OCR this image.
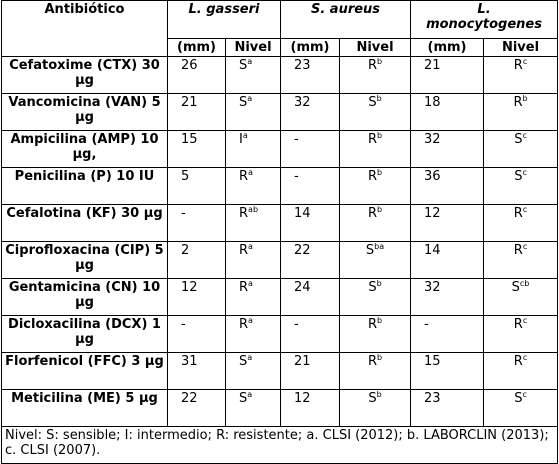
Antibiótico	L. gasseri		S. aureus		L.
monocytogenes	
	(mm)	Nivel	(mm)	Nivel	(mm)	Nivel
Cefatoxime (CTX) 30 µg	26	$S^a$	23	$R^b$	21	$R^c$
Vancomicina (VAN) 5 µg	21	$S^a$	32	$S^b$	18	$R^b$
Ampicilina (AMP) 10 µg,	15	$I^a$	-	$R^b$	32	$S^c$
Penicilina (P) 10 IU	5	$R^a$	-	$R^b$	36	$S^c$
Cefalotina (KF) 30 µg	-	$R^{ab}$	14	$R^b$	12	$R^c$
Ciprofloxacina (CIP) 5 µg	2	$R^a$	22	$S^{ba}$	14	$R^c$
Gentamicina (CN) 10 µg	12	$R^a$	24	$S^b$	32	$S^{cb}$
Dicloxacilina (DCX) 1 µg	-	$R^a$	-	$R^b$	-	$R^c$
Florfenicol (FFC) 3 µg	31	$S^a$	21	$R^b$	15	$R^c$
Meticilina (ME) 5 µg	22	$S^a$	12	$S^b$	23	$S^c$
Nivel: S: sensible; I: intermedio; R: resistente; a. CLSI (2012); b. LABORCLIN (2013); c. CLSI (2007).						
